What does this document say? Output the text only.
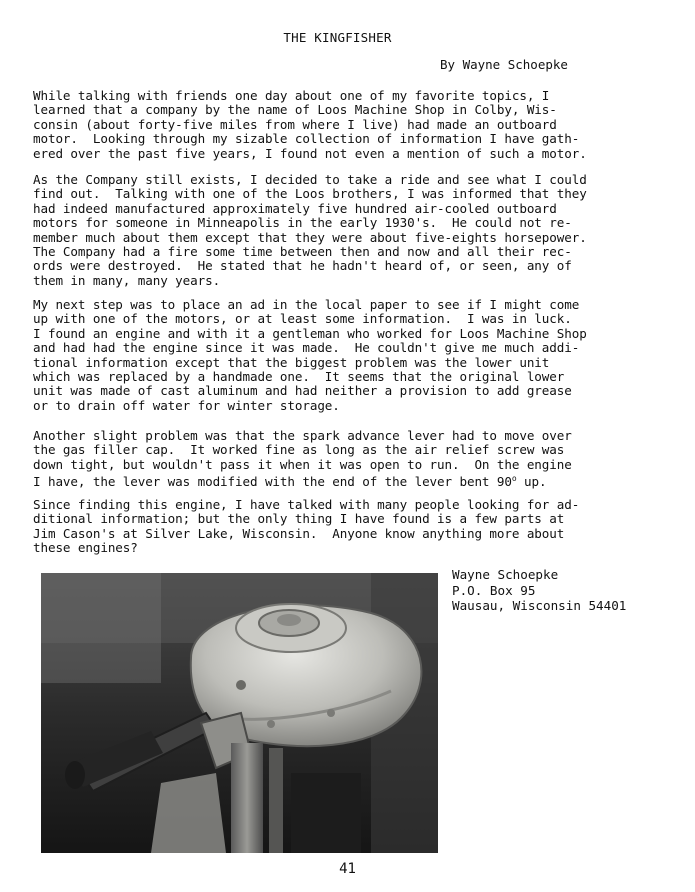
THE KINGFISHER
By Wayne Schoepke

While talking with friends one day about one of my favorite topics, I
learned that a company by the name of Loos Machine Shop in Colby, Wis-
consin (about forty-five miles from where I live) had made an outboard
motor.  Looking through my sizable collection of information I have gath-
ered over the past five years, I found not even a mention of such a motor.

As the Company still exists, I decided to take a ride and see what I could
find out.  Talking with one of the Loos brothers, I was informed that they
had indeed manufactured approximately five hundred air-cooled outboard
motors for someone in Minneapolis in the early 1930's.  He could not re-
member much about them except that they were about five-eights horsepower.
The Company had a fire some time between then and now and all their rec-
ords were destroyed.  He stated that he hadn't heard of, or seen, any of
them in many, many years.

My next step was to place an ad in the local paper to see if I might come
up with one of the motors, or at least some information.  I was in luck.
I found an engine and with it a gentleman who worked for Loos Machine Shop
and had had the engine since it was made.  He couldn't give me much addi-
tional information except that the biggest problem was the lower unit
which was replaced by a handmade one.  It seems that the original lower
unit was made of cast aluminum and had neither a provision to add grease
or to drain off water for winter storage.

Another slight problem was that the spark advance lever had to move over
the gas filler cap.  It worked fine as long as the air relief screw was
down tight, but wouldn't pass it when it was open to run.  On the engine
I have, the lever was modified with the end of the lever bent 90$^o$ up.

Since finding this engine, I have talked with many people looking for ad-
ditional information; but the only thing I have found is a few parts at
Jim Cason's at Silver Lake, Wisconsin.  Anyone know anything more about
these engines?

Wayne Schoepke
P.O. Box 95
Wausau, Wisconsin 54401
41
